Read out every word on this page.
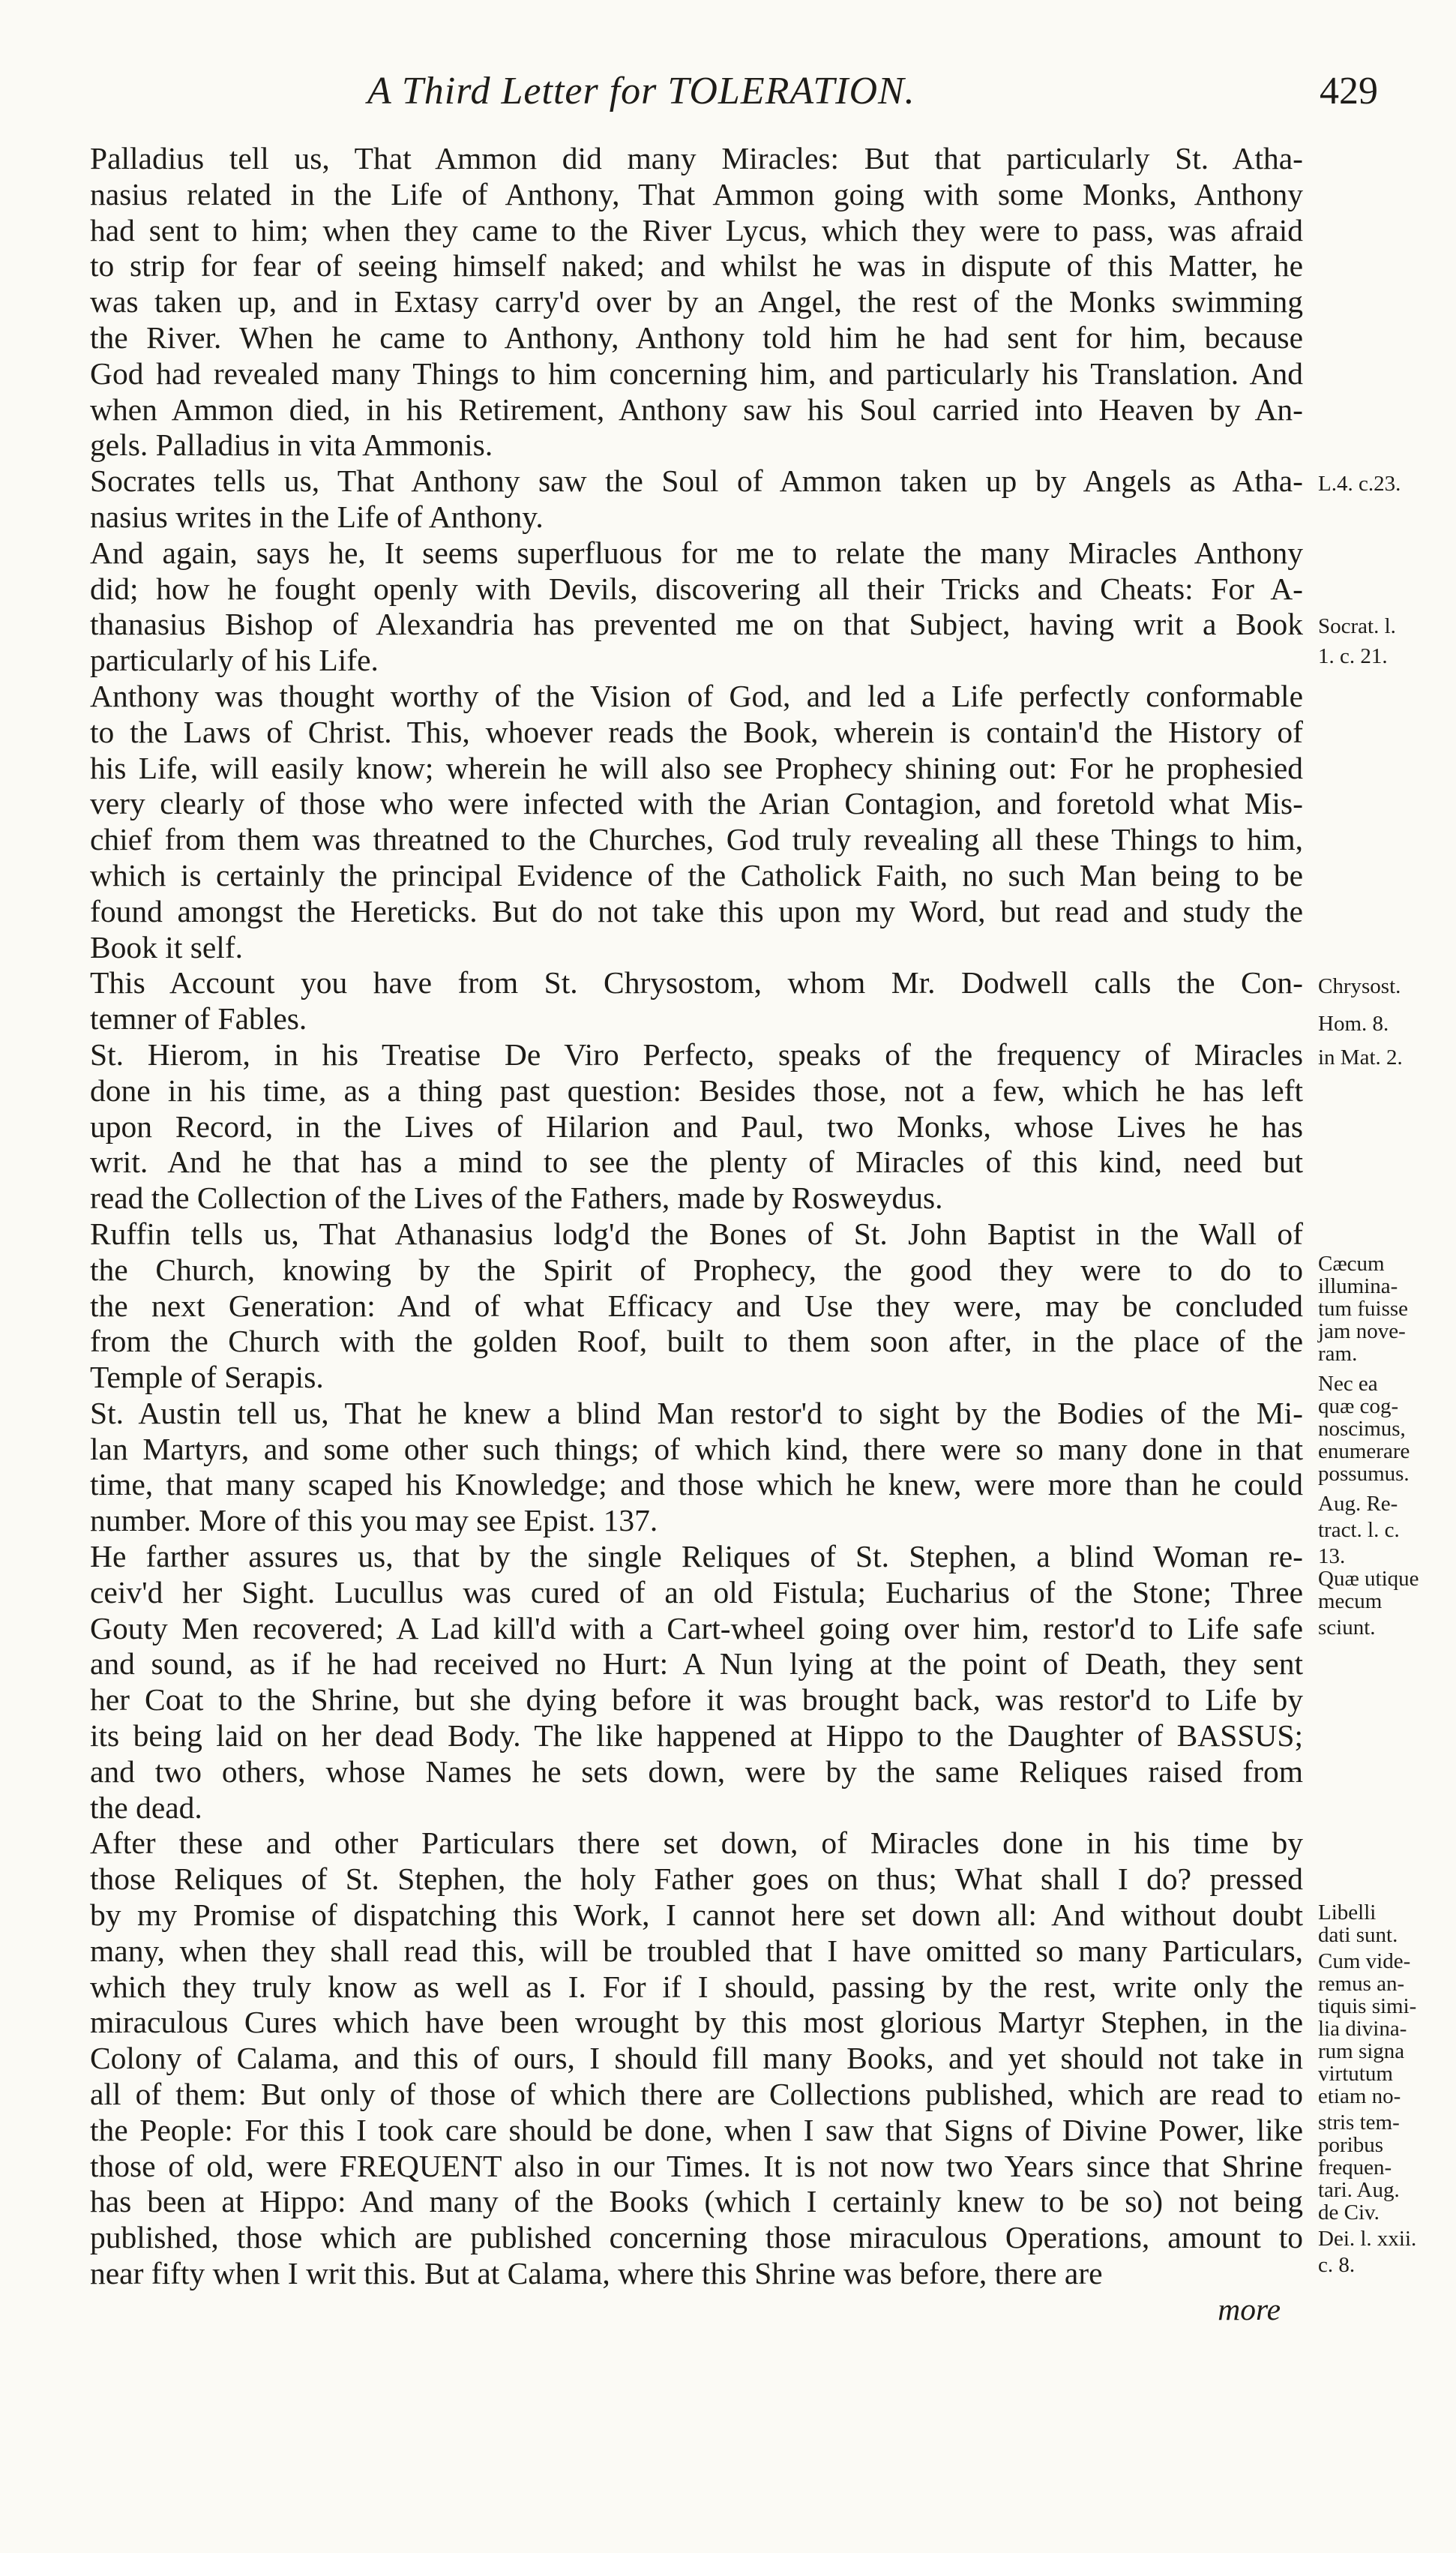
A Third Letter for TOLERATION.	429

Palladius tell us, That Ammon did many Miracles: But that particularly St. Atha-
nasius related in the Life of Anthony, That Ammon going with some Monks, Anthony
had sent to him; when they came to the River Lycus, which they were to pass, was afraid
to strip for fear of seeing himself naked; and whilst he was in dispute of this Matter, he
was taken up, and in Extasy carry'd over by an Angel, the rest of the Monks swimming
the River. When he came to Anthony, Anthony told him he had sent for him, because
God had revealed many Things to him concerning him, and particularly his Translation. And
when Ammon died, in his Retirement, Anthony saw his Soul carried into Heaven by An-
gels. Palladius in vita Ammonis.

Socrates tells us, That Anthony saw the Soul of Ammon taken up by Angels as Atha-
nasius writes in the Life of Anthony.

And again, says he, It seems superfluous for me to relate the many Miracles Anthony
did; how he fought openly with Devils, discovering all their Tricks and Cheats: For A-
thanasius Bishop of Alexandria has prevented me on that Subject, having writ a Book
particularly of his Life.

Anthony was thought worthy of the Vision of God, and led a Life perfectly conformable
to the Laws of Christ. This, whoever reads the Book, wherein is contain'd the History of
his Life, will easily know; wherein he will also see Prophecy shining out: For he prophesied
very clearly of those who were infected with the Arian Contagion, and foretold what Mis-
chief from them was threatned to the Churches, God truly revealing all these Things to him,
which is certainly the principal Evidence of the Catholick Faith, no such Man being to be
found amongst the Hereticks. But do not take this upon my Word, but read and study the
Book it self.

This Account you have from St. Chrysostom, whom Mr. Dodwell calls the Con-
temner of Fables.

St. Hierom, in his Treatise De Viro Perfecto, speaks of the frequency of Miracles
done in his time, as a thing past question: Besides those, not a few, which he has left
upon Record, in the Lives of Hilarion and Paul, two Monks, whose Lives he has
writ. And he that has a mind to see the plenty of Miracles of this kind, need but
read the Collection of the Lives of the Fathers, made by Rosweydus.

Ruffin tells us, That Athanasius lodg'd the Bones of St. John Baptist in the Wall of
the Church, knowing by the Spirit of Prophecy, the good they were to do to
the next Generation: And of what Efficacy and Use they were, may be concluded
from the Church with the golden Roof, built to them soon after, in the place of the
Temple of Serapis.

St. Austin tell us, That he knew a blind Man restor'd to sight by the Bodies of the Mi-
lan Martyrs, and some other such things; of which kind, there were so many done in that
time, that many scaped his Knowledge; and those which he knew, were more than he could
number. More of this you may see Epist. 137.

He farther assures us, that by the single Reliques of St. Stephen, a blind Woman re-
ceiv'd her Sight. Lucullus was cured of an old Fistula; Eucharius of the Stone; Three
Gouty Men recovered; A Lad kill'd with a Cart-wheel going over him, restor'd to Life safe
and sound, as if he had received no Hurt: A Nun lying at the point of Death, they sent
her Coat to the Shrine, but she dying before it was brought back, was restor'd to Life by
its being laid on her dead Body. The like happened at Hippo to the Daughter of BASSUS;
and two others, whose Names he sets down, were by the same Reliques raised from
the dead.

After these and other Particulars there set down, of Miracles done in his time by
those Reliques of St. Stephen, the holy Father goes on thus; What shall I do? pressed
by my Promise of dispatching this Work, I cannot here set down all: And without doubt
many, when they shall read this, will be troubled that I have omitted so many Particulars,
which they truly know as well as I. For if I should, passing by the rest, write only the
miraculous Cures which have been wrought by this most glorious Martyr Stephen, in the
Colony of Calama, and this of ours, I should fill many Books, and yet should not take in
all of them: But only of those of which there are Collections published, which are read to
the People: For this I took care should be done, when I saw that Signs of Divine Power, like
those of old, were FREQUENT also in our Times. It is not now two Years since that Shrine
has been at Hippo: And many of the Books (which I certainly knew to be so) not being
published, those which are published concerning those miraculous Operations, amount to
near fifty when I writ this. But at Calama, where this Shrine was before, there are

more
L.4. c.23.
Socrat. l.
1. c. 21.
Chrysost.
Hom. 8.
in Mat. 2.
Cæcum
illumina-
tum fuisse
jam nove-
ram.
Nec ea
quæ cog-
noscimus,
enumerare
possumus.
Aug. Re-
tract. l. c.
13.
Quæ utique
mecum
sciunt.
Libelli
dati sunt.
Cum vide-
remus an-
tiquis simi-
lia divina-
rum signa
virtutum
etiam no-
stris tem-
poribus
frequen-
tari. Aug.
de Civ.
Dei. l. xxii.
c. 8.
